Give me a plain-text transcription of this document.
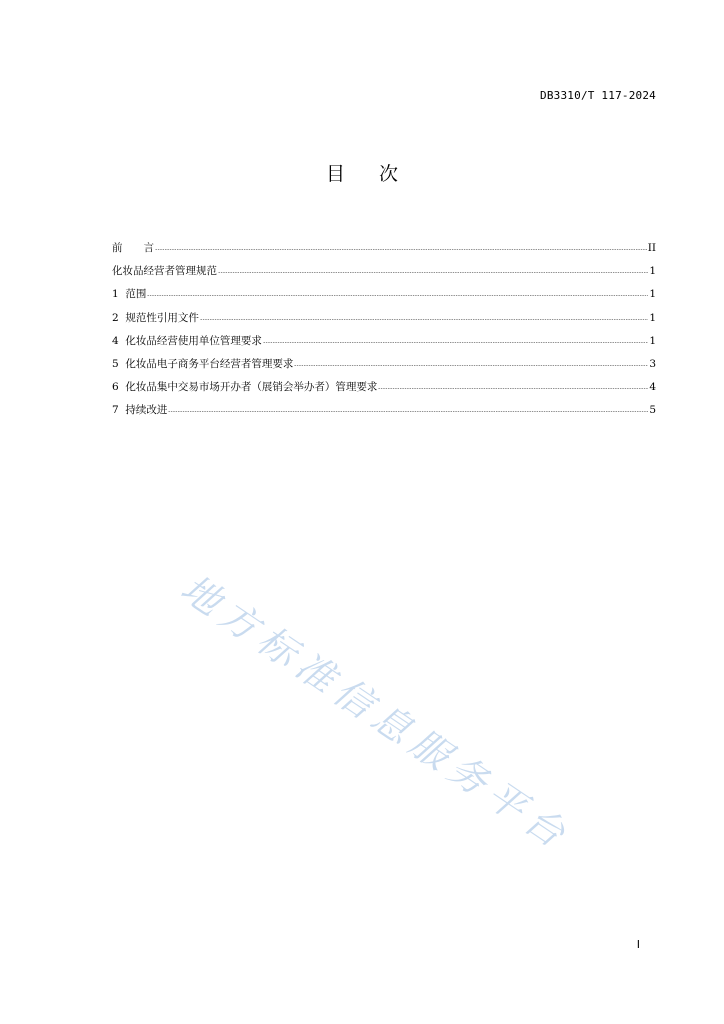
DB3310/T 117-2024
目 次
前　　言	II
化妆品经营者管理规范	1
1  范围	1
2  规范性引用文件	1
4  化妆品经营使用单位管理要求	1
5  化妆品电子商务平台经营者管理要求	3
6  化妆品集中交易市场开办者（展销会举办者）管理要求	4
7  持续改进	5
地方标准信息服务平台
I
